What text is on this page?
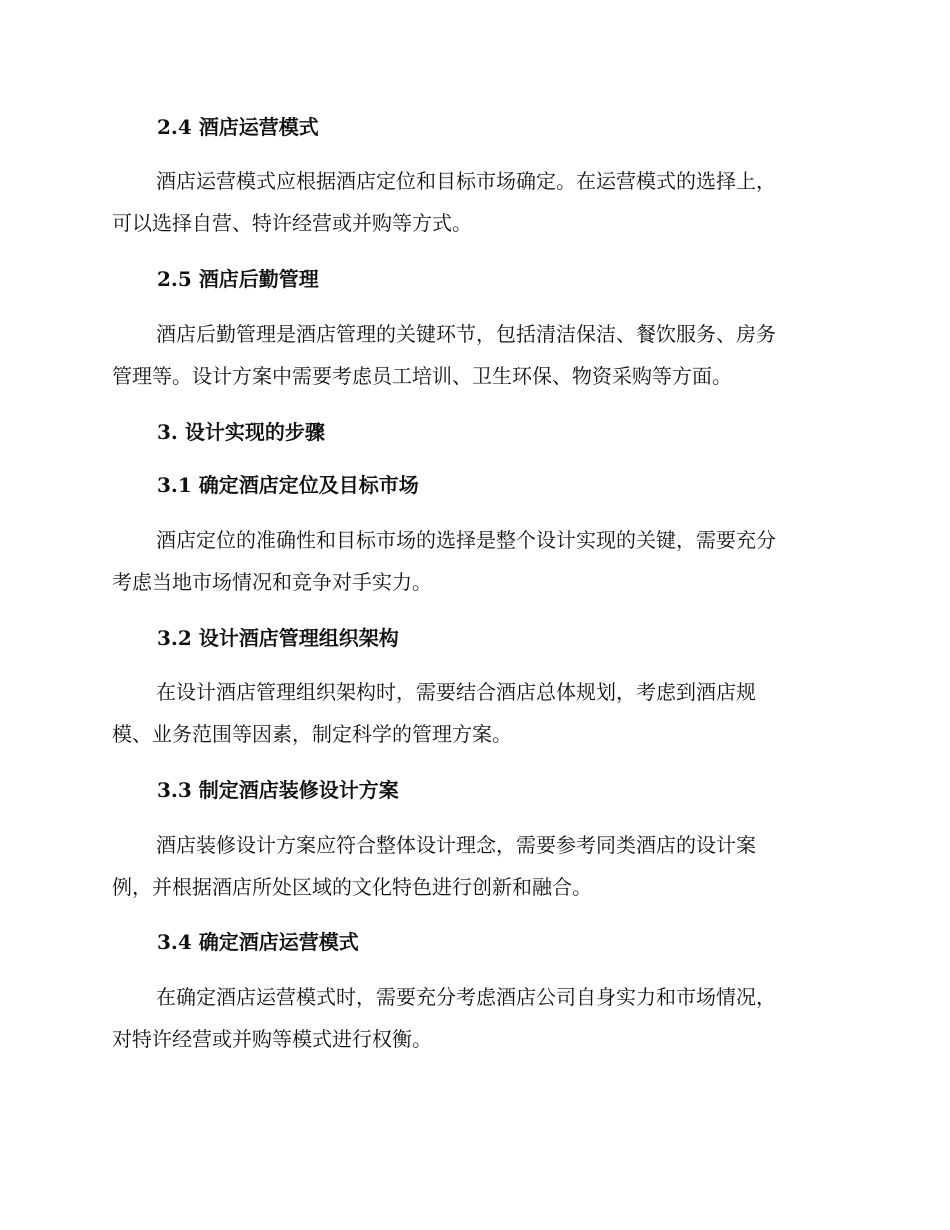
2.4 酒店运营模式
酒店运营模式应根据酒店定位和目标市场确定。在运营模式的选择上，
可以选择自营、特许经营或并购等方式。
2.5 酒店后勤管理
酒店后勤管理是酒店管理的关键环节，包括清洁保洁、餐饮服务、房务
管理等。设计方案中需要考虑员工培训、卫生环保、物资采购等方面。
3. 设计实现的步骤
3.1 确定酒店定位及目标市场
酒店定位的准确性和目标市场的选择是整个设计实现的关键，需要充分
考虑当地市场情况和竞争对手实力。
3.2 设计酒店管理组织架构
在设计酒店管理组织架构时，需要结合酒店总体规划，考虑到酒店规
模、业务范围等因素，制定科学的管理方案。
3.3 制定酒店装修设计方案
酒店装修设计方案应符合整体设计理念，需要参考同类酒店的设计案
例，并根据酒店所处区域的文化特色进行创新和融合。
3.4 确定酒店运营模式
在确定酒店运营模式时，需要充分考虑酒店公司自身实力和市场情况，
对特许经营或并购等模式进行权衡。
